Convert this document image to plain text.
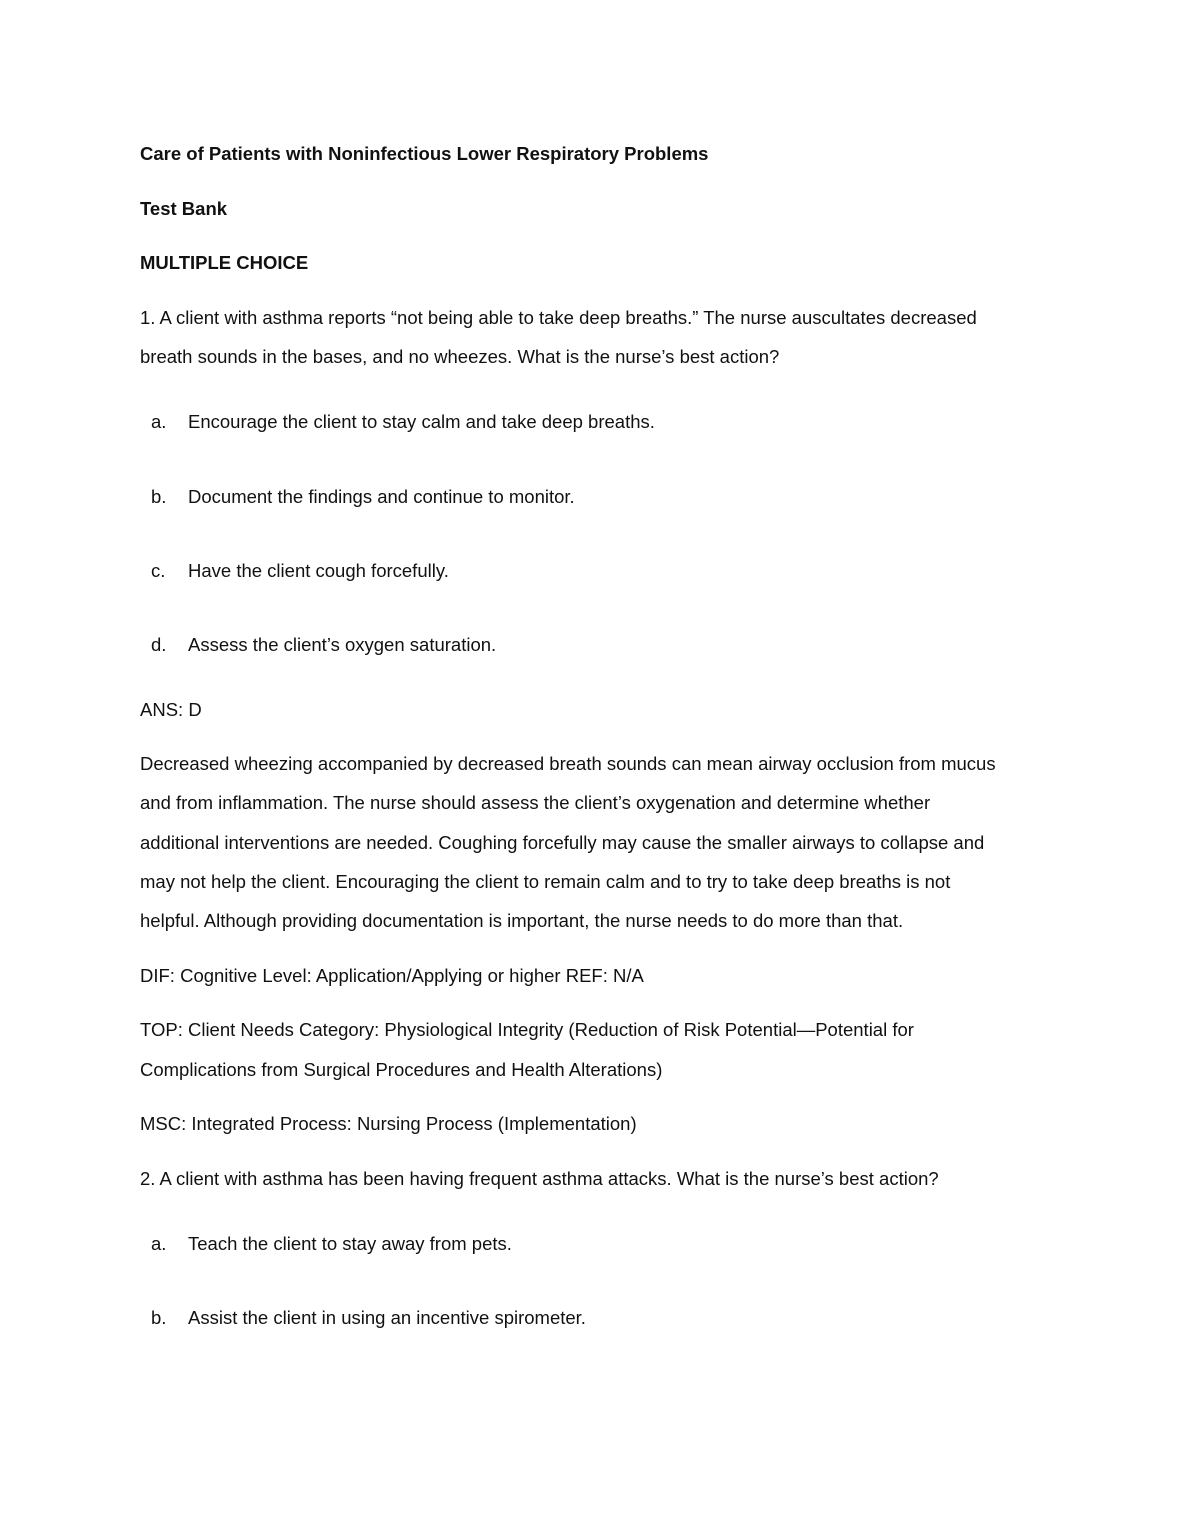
Care of Patients with Noninfectious Lower Respiratory Problems
Test Bank
MULTIPLE CHOICE
1. A client with asthma reports “not being able to take deep breaths.” The nurse auscultates decreased
breath sounds in the bases, and no wheezes. What is the nurse’s best action?
a. Encourage the client to stay calm and take deep breaths.
b. Document the findings and continue to monitor.
c. Have the client cough forcefully.
d. Assess the client’s oxygen saturation.
ANS: D
Decreased wheezing accompanied by decreased breath sounds can mean airway occlusion from mucus
and from inflammation. The nurse should assess the client’s oxygenation and determine whether
additional interventions are needed. Coughing forcefully may cause the smaller airways to collapse and
may not help the client. Encouraging the client to remain calm and to try to take deep breaths is not
helpful. Although providing documentation is important, the nurse needs to do more than that.
DIF: Cognitive Level: Application/Applying or higher REF: N/A
TOP: Client Needs Category: Physiological Integrity (Reduction of Risk Potential—Potential for
Complications from Surgical Procedures and Health Alterations)
MSC: Integrated Process: Nursing Process (Implementation)
2. A client with asthma has been having frequent asthma attacks. What is the nurse’s best action?
a. Teach the client to stay away from pets.
b. Assist the client in using an incentive spirometer.
